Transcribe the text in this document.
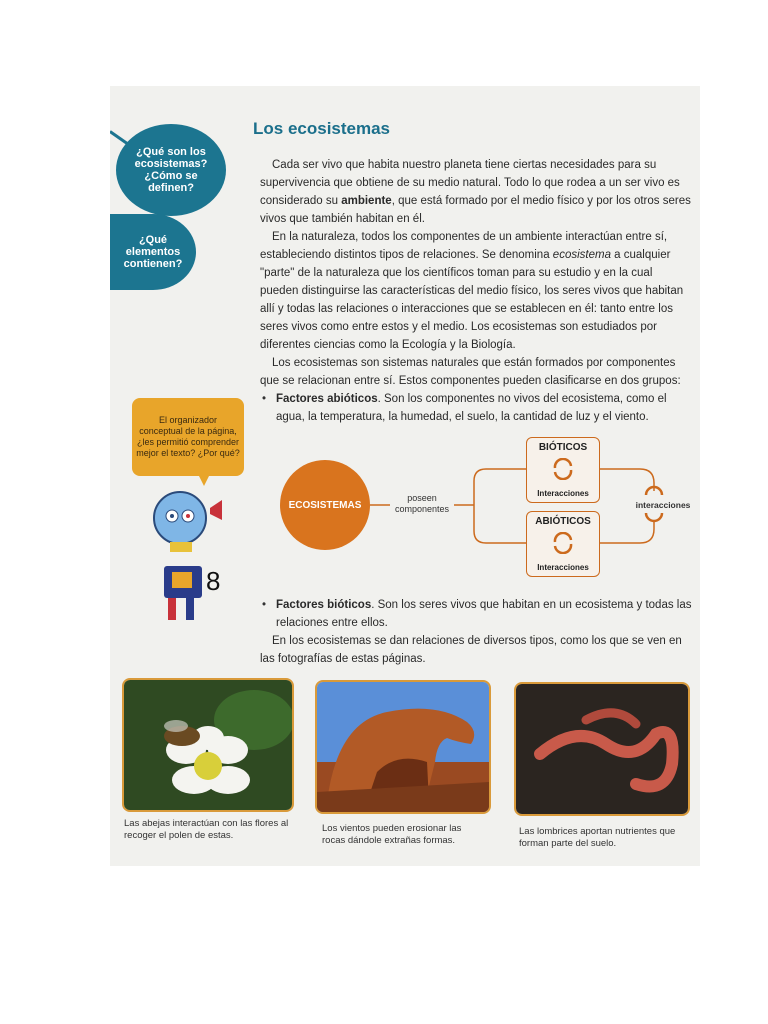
¿Qué son los ecosistemas? ¿Cómo se definen?
¿Qué elementos contienen?
Los ecosistemas

Cada ser vivo que habita nuestro planeta tiene ciertas necesidades para su supervivencia que obtiene de su medio natural. Todo lo que rodea a un ser vivo es considerado su ambiente, que está formado por el medio físico y por los otros seres vivos que también habitan en él.

En la naturaleza, todos los componentes de un ambiente interactúan entre sí, estableciendo distintos tipos de relaciones. Se denomina ecosistema a cualquier "parte" de la naturaleza que los científicos toman para su estudio y en la cual pueden distinguirse las características del medio físico, los seres vivos que habitan allí y todas las relaciones o interacciones que se establecen en él: tanto entre los seres vivos como entre estos y el medio. Los ecosistemas son estudiados por diferentes ciencias como la Ecología y la Biología.

Los ecosistemas son sistemas naturales que están formados por componentes que se relacionan entre sí. Estos componentes pueden clasificarse en dos grupos:

• Factores abióticos. Son los componentes no vivos del ecosistema, como el agua, la temperatura, la humedad, el suelo, la cantidad de luz y el viento.

• Factores bióticos. Son los seres vivos que habitan en un ecosistema y todas las relaciones entre ellos.

En los ecosistemas se dan relaciones de diversos tipos, como los que se ven en las fotografías de estas páginas.

El organizador conceptual de la página, ¿les permitió comprender mejor el texto? ¿Por qué?
8
ECOSISTEMAS
poseen componentes
BIÓTICOS
Interacciones
ABIÓTICOS
Interacciones
interacciones
Las abejas interactúan con las flores al recoger el polen de estas.
Los vientos pueden erosionar las rocas dándole extrañas formas.
Las lombrices aportan nutrientes que forman parte del suelo.
